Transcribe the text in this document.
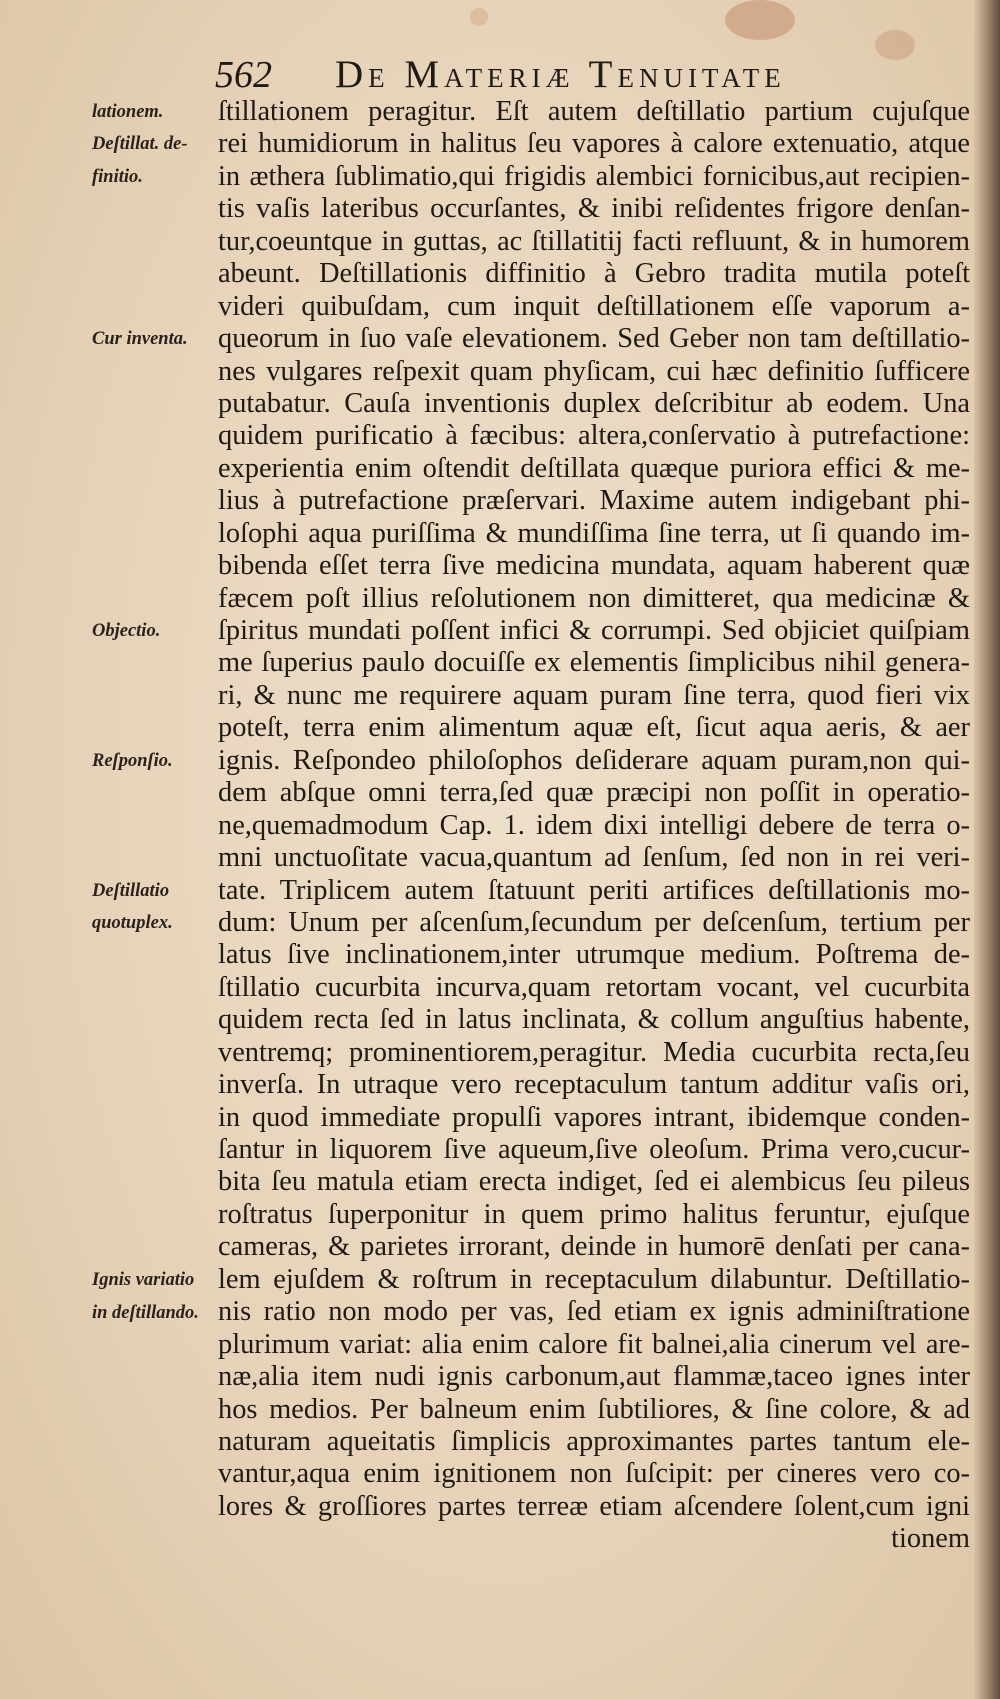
562	De Materiæ Tenuitate
ſtillationem peragitur. Eſt autem deſtillatio partium cujuſque
rei humidiorum in halitus ſeu vapores à calore extenuatio, atque
in æthera ſublimatio,qui frigidis alembici fornicibus,aut recipien-
tis vaſis lateribus occurſantes, & inibi reſidentes frigore denſan-
tur,coeuntque in guttas, ac ſtillatitij facti refluunt, & in humorem
abeunt. Deſtillationis diffinitio à Gebro tradita mutila poteſt
videri quibuſdam, cum inquit deſtillationem eſſe vaporum a-
queorum in ſuo vaſe elevationem. Sed Geber non tam deſtillatio-
nes vulgares reſpexit quam phyſicam, cui hæc definitio ſufficere
putabatur. Cauſa inventionis duplex deſcribitur ab eodem. Una
quidem purificatio à fæcibus: altera,conſervatio à putrefactione:
experientia enim oſtendit deſtillata quæque puriora effici & me-
lius à putrefactione præſervari. Maxime autem indigebant phi-
loſophi aqua puriſſima & mundiſſima ſine terra, ut ſi quando im-
bibenda eſſet terra ſive medicina mundata, aquam haberent quæ
fæcem poſt illius reſolutionem non dimitteret, qua medicinæ &
ſpiritus mundati poſſent infici & corrumpi. Sed objiciet quiſpiam
me ſuperius paulo docuiſſe ex elementis ſimplicibus nihil generа-
ri, & nunc me requirere aquam puram ſine terra, quod fieri vix
poteſt, terra enim alimentum aquæ eſt, ſicut aqua aeris, & aer
ignis. Reſpondeo philoſophos deſiderare aquam puram,non qui-
dem abſque omni terra,ſed quæ præcipi non poſſit in operatio-
ne,quemadmodum Cap. 1. idem dixi intelligi debere de terra o-
mni unctuoſitate vacua,quantum ad ſenſum, ſed non in rei veri-
tate. Triplicem autem ſtatuunt periti artifices deſtillationis mo-
dum: Unum per aſcenſum,ſecundum per deſcenſum, tertium per
latus ſive inclinationem,inter utrumque medium. Poſtrema de-
ſtillatio cucurbita incurva,quam retortam vocant, vel cucurbita
quidem recta ſed in latus inclinata, & collum anguſtius habente,
ventremq; prominentiorem,peragitur. Media cucurbita recta,ſeu
inverſa. In utraque vero receptaculum tantum additur vaſis ori,
in quod immediate propulſi vapores intrant, ibidemque conden-
ſantur in liquorem ſive aqueum,ſive oleoſum. Prima vero,cucur-
bita ſeu matula etiam erecta indiget, ſed ei alembicus ſeu pileus
roſtratus ſuperponitur in quem primo halitus feruntur, ejuſque
cameras, & parietes irrorant, deinde in humorē denſati per cana-
lem ejuſdem & roſtrum in receptaculum dilabuntur. Deſtillatio-
nis ratio non modo per vas, ſed etiam ex ignis adminiſtratione
plurimum variat: alia enim calore fit balnei,alia cinerum vel are-
næ,alia item nudi ignis carbonum,aut flammæ,taceo ignes inter
hos medios. Per balneum enim ſubtiliores, & ſine colore, & ad
naturam aqueitatis ſimplicis approximantes partes tantum ele-
vantur,aqua enim ignitionem non ſuſcipit: per cineres vero co-
lores & groſſiores partes terreæ etiam aſcendere ſolent,cum igni
tionem
lationem.
Deſtillat. de-
finitio.
Cur inventa.
Objectio.
Reſponſio.
Deſtillatio
quotuplex.
Ignis variatio
in deſtillando.
